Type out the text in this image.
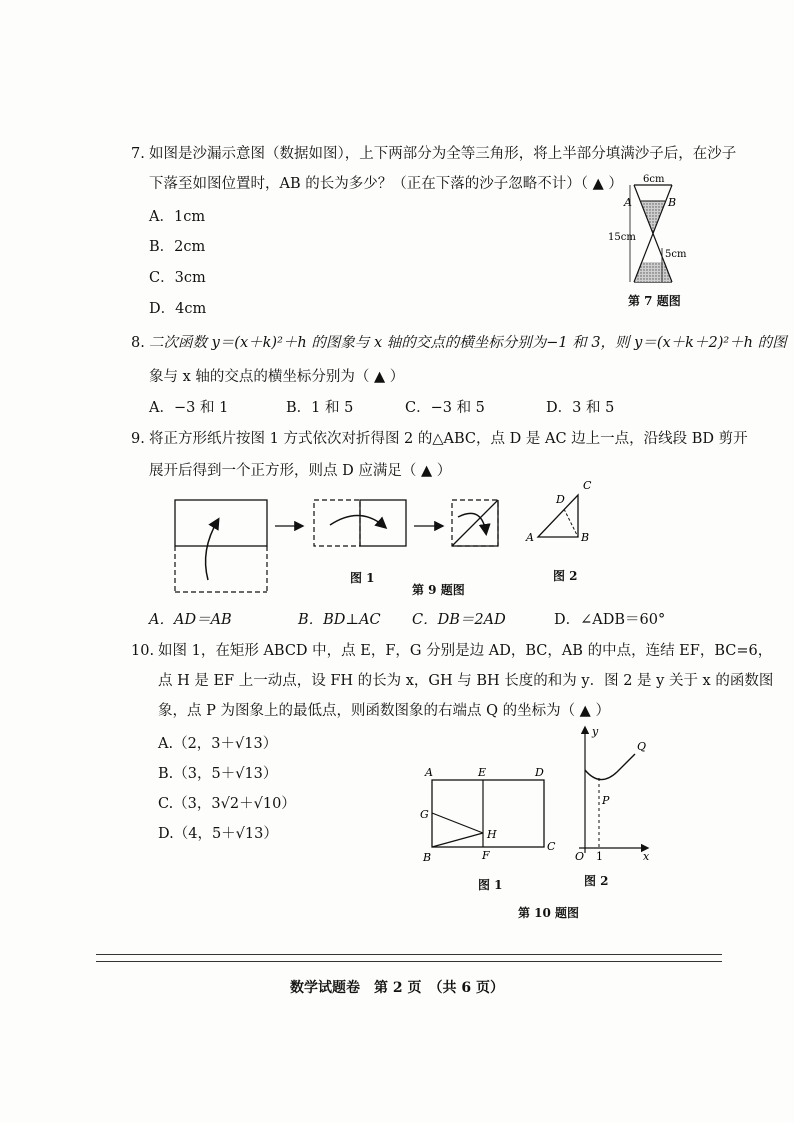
7. 如图是沙漏示意图（数据如图），上下两部分为全等三角形，将上半部分填满沙子后，在沙子
下落至如图位置时，AB 的长为多少？（正在下落的沙子忽略不计）（ ▲ ）
A．1cm
B．2cm
C．3cm
D．4cm
6cm
A	B
15cm
5cm
第 7 题图
8. 二次函数 y＝(x＋k)²＋h 的图象与 x 轴的交点的横坐标分别为−1 和 3，则 y＝(x＋k＋2)²＋h 的图
象与 x 轴的交点的横坐标分别为（ ▲ ）
A．−3 和 1	B．1 和 5	C．−3 和 5	D．3 和 5
9. 将正方形纸片按图 1 方式依次对折得图 2 的△ABC，点 D 是 AC 边上一点，沿线段 BD 剪开
展开后得到一个正方形，则点 D 应满足（ ▲ ）
A	B
C
D
图 1	图 2
第 9 题图
A．AD＝AB	B．BD⊥AC C．DB＝2AD	D．∠ADB＝60°
10. 如图 1，在矩形 ABCD 中，点 E，F，G 分别是边 AD，BC，AB 的中点，连结 EF，BC=6，
点 H 是 EF 上一动点，设 FH 的长为 x，GH 与 BH 长度的和为 y．图 2 是 y 关于 x 的函数图
象，点 P 为图象上的最低点，则函数图象的右端点 Q 的坐标为（ ▲ ）
A.（2，3＋√13）
B.（3，5＋√13）
C.（3，3√2＋√10）
D.（4，5＋√13）
A	E	D
G
H
B	F
C
图 1
y
Q
P
O 1	x
图 2
第 10 题图
数学试题卷　第 2 页　（共 6 页）
